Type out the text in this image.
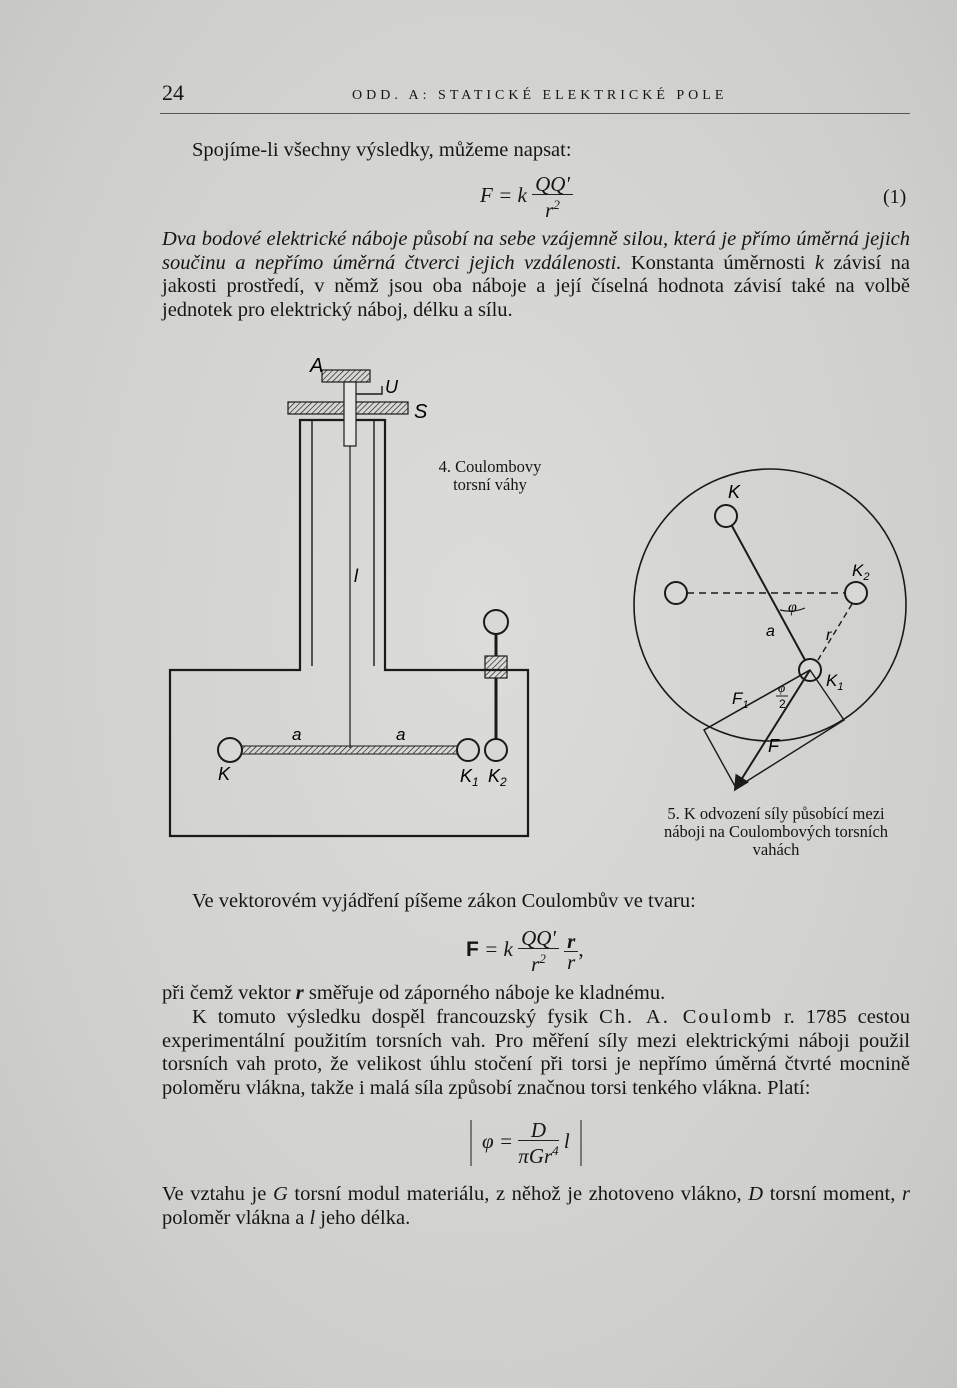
24	ODD. A: STATICKÉ ELEKTRICKÉ POLE
Spojíme-li všechny výsledky, můžeme napsat:
F = k $\frac{QQ'}{r^2}$	(1)
Dva bodové elektrické náboje působí na sebe vzájemně silou, která je přímo úměrná jejich součinu a nepřímo úměrná čtverci jejich vzdálenosti. Konstanta úměrnosti k závisí na jakosti prostředí, v němž jsou oba náboje a její číselná hodnota závisí také na volbě jednotek pro elektrický náboj, délku a sílu.
A
U
S
l
a	a
K	$K_1$ $K_2$
4. Coulombovy
torsní váhy	K
$K_2$
$K_1$
φ
a	r
$F_1$
φ
2
F
5. K odvození síly působící mezi
náboji na Coulombových torsních
vahách
Ve vektorovém vyjádření píšeme zákon Coulombův ve tvaru:
F = k $\frac{QQ'}{r^2}$
$\frac{r}{r}$ ,
při čemž vektor r směřuje od záporného náboje ke kladnému.
K tomuto výsledku dospěl francouzský fysik Ch. A. Coulomb r. 1785 cestou experimentální použitím torsních vah. Pro měření síly mezi elektrickými náboji použil torsních vah proto, že velikost úhlu stočení při torsi je nepřímo úměrná čtvrté mocnině poloměru vlákna, takže i malá síla způsobí značnou torsi tenkého vlákna. Platí:
$\varphi = \frac{D}{\pi Gr^4}$ l
Ve vztahu je G torsní modul materiálu, z něhož je zhotoveno vlákno, D torsní moment, r poloměr vlákna a l jeho délka.
